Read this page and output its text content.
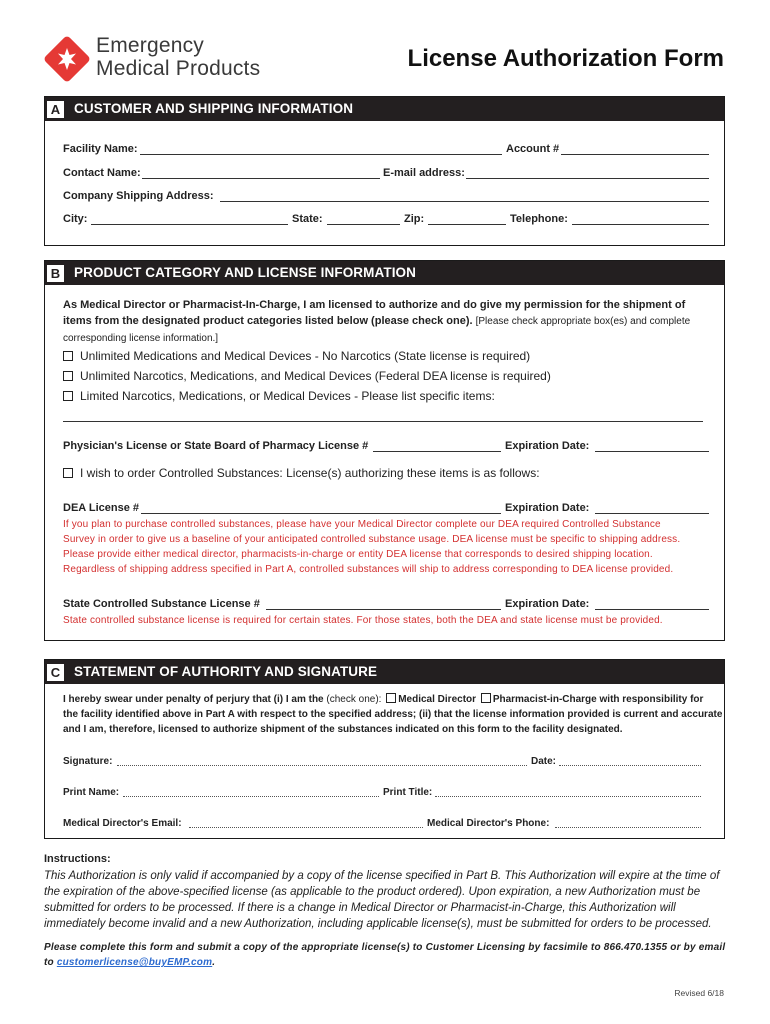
Emergency
Medical Products	License Authorization Form
A CUSTOMER AND SHIPPING INFORMATION
Facility Name:	Account #
Contact Name:	E-mail address:
Company Shipping Address:
City:	State:	Zip:	Telephone:
B PRODUCT CATEGORY AND LICENSE INFORMATION
As Medical Director or Pharmacist-In-Charge, I am licensed to authorize and do give my permission for the shipment of items from the designated product categories listed below (please check one). [Please check appropriate box(es) and complete corresponding license information.]
Unlimited Medications and Medical Devices - No Narcotics (State license is required)
Unlimited Narcotics, Medications, and Medical Devices (Federal DEA license is required)
Limited Narcotics, Medications, or Medical Devices - Please list specific items:
Physician's License or State Board of Pharmacy License #	Expiration Date:
I wish to order Controlled Substances: License(s) authorizing these items is as follows:
DEA License #	Expiration Date:
If you plan to purchase controlled substances, please have your Medical Director complete our DEA required Controlled Substance
Survey in order to give us a baseline of your anticipated controlled substance usage. DEA license must be specific to shipping address.
Please provide either medical director, pharmacists-in-charge or entity DEA license that corresponds to desired shipping location.
Regardless of shipping address specified in Part A, controlled substances will ship to address corresponding to DEA license provided.
State Controlled Substance License #	Expiration Date:
State controlled substance license is required for certain states. For those states, both the DEA and state license must be provided.
C STATEMENT OF AUTHORITY AND SIGNATURE
I hereby swear under penalty of perjury that (i) I am the (check one): Medical Director Pharmacist-in-Charge with responsibility for
the facility identified above in Part A with respect to the specified address; (ii) that the license information provided is current and accurate
and I am, therefore, licensed to authorize shipment of the substances indicated on this form to the facility designated.
Signature:	Date:
Print Name:	Print Title:
Medical Director's Email:	Medical Director's Phone:
Instructions:
This Authorization is only valid if accompanied by a copy of the license specified in Part B. This Authorization will expire at the time of the expiration of the above-specified license (as applicable to the product ordered). Upon expiration, a new Authorization must be submitted for orders to be processed. If there is a change in Medical Director or Pharmacist-in-Charge, this Authorization will immediately become invalid and a new Authorization, including applicable license(s), must be submitted for orders to be processed.
Please complete this form and submit a copy of the appropriate license(s) to Customer Licensing by facsimile to 866.470.1355 or by email to customerlicense@buyEMP.com.
Revised 6/18
